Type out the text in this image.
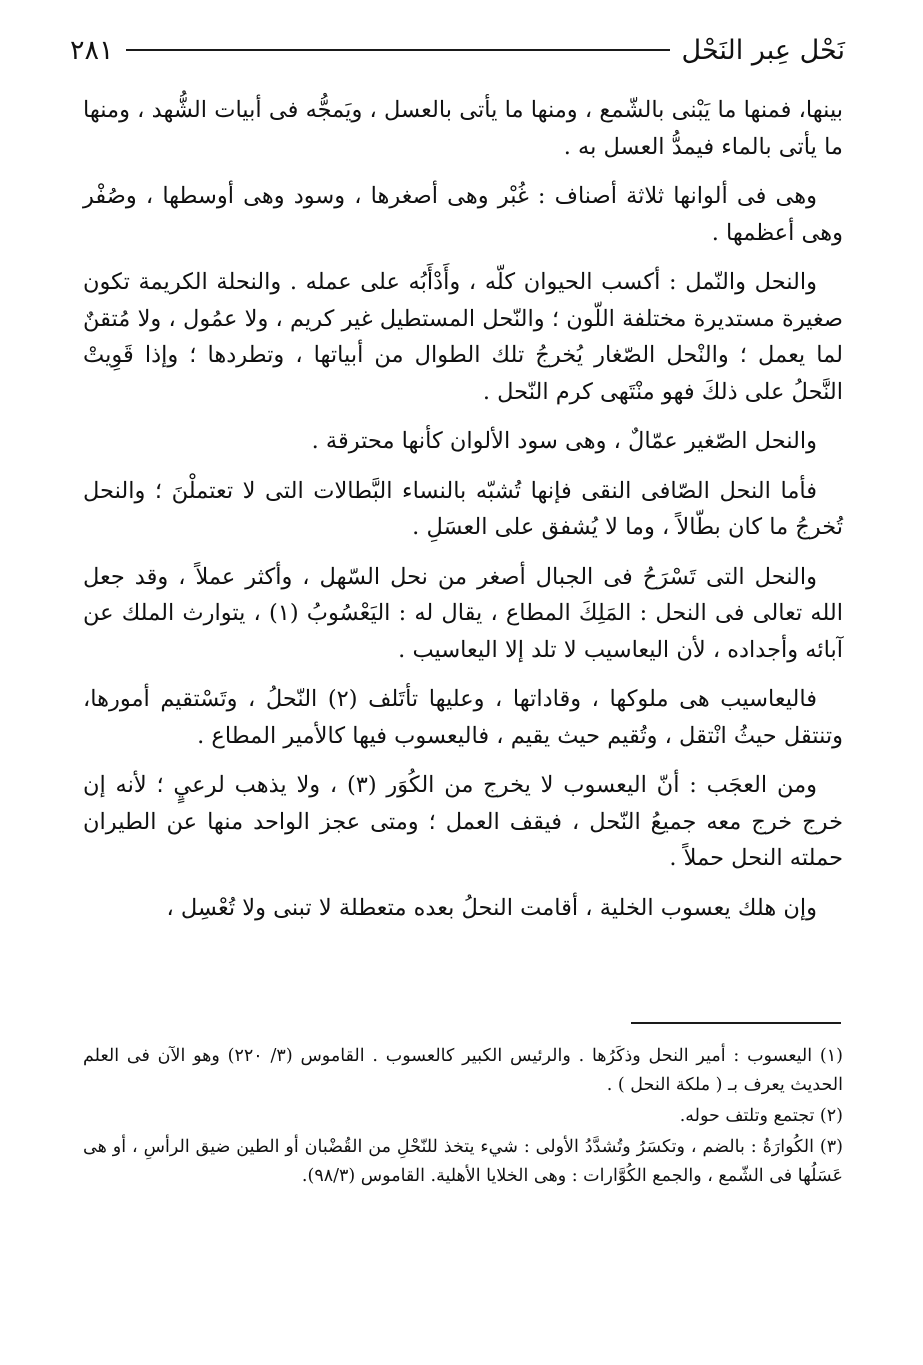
نَحْل عِبر النَحْل
٢٨١

بينها، فمنها ما يَبْنى بالشّمع ، ومنها ما يأتى بالعسل ، ويَمجُّه فى أبيات الشُّهد ، ومنها ما يأتى بالماء فيمدُّ العسل به .

وهى فى ألوانها ثلاثة أصناف : غُبْر وهى أصغرها ، وسود وهى أوسطها ، وصُفْر وهى أعظمها .

والنحل والنّمل : أكسب الحيوان كلّه ، وأَدْأَبُه على عمله . والنحلة الكريمة تكون صغيرة مستديرة مختلفة اللّون ؛ والنّحل المستطيل غير كريم ، ولا عمُول ، ولا مُتقنٌ لما يعمل ؛ والنْحل الصّغار يُخرجُ تلك الطوال من أبياتها ، وتطردها ؛ وإذا قَوِيتْ النَّحلُ على ذلكَ فهو منْتَهى كرم النّحل .

والنحل الصّغير عمّالٌ ، وهى سود الألوان كأنها محترقة .

فأما النحل الصّافى النقى فإنها تُشبّه بالنساء البَّطالات التى لا تعتملْنَ ؛ والنحل تُخرجُ ما كان بطّالاً ، وما لا يُشفق على العسَلِ .

والنحل التى تَسْرَحُ فى الجبال أصغر من نحل السّهل ، وأكثر عملاً ، وقد جعل الله تعالى فى النحل : المَلِكَ المطاع ، يقال له : اليَعْسُوبُ (١) ، يتوارث الملك عن آبائه وأجداده ، لأن اليعاسيب لا تلد إلا اليعاسيب .

فاليعاسيب هى ملوكها ، وقاداتها ، وعليها تأتَلف (٢) النّحلُ ، وتَسْتقيم أمورها، وتنتقل حيثُ انْتقل ، وتُقيم حيث يقيم ، فاليعسوب فيها كالأمير المطاع .

ومن العجَب : أنّ اليعسوب لا يخرج من الكُوَر (٣) ، ولا يذهب لرعيٍ ؛ لأنه إن خرج خرج معه جميعُ النّحل ، فيقف العمل ؛ ومتى عجز الواحد منها عن الطيران حملته النحل حملاً .

وإن هلك يعسوب الخلية ، أقامت النحلُ بعده متعطلة لا تبنى ولا تُعْسِل ،

(١) اليعسوب : أمير النحل وذكَرُها . والرئيس الكبير كالعسوب . القاموس (٣/ ٢٢٠) وهو الآن فى العلم الحديث يعرف بـ ( ملكة النحل ) .

(٢) تجتمع وتلتف حوله.

(٣) الكُوارَةُ : بالضم ، وتكسَرُ وتُشدَّدُ الأولى : شيء يتخذ للنّحْلِ من القُضْبان أو الطين ضيق الرأسِ ، أو هى عَسَلُها فى الشّمع ، والجمع الكُوَّارات : وهى الخلايا الأهلية. القاموس (٩٨/٣).
